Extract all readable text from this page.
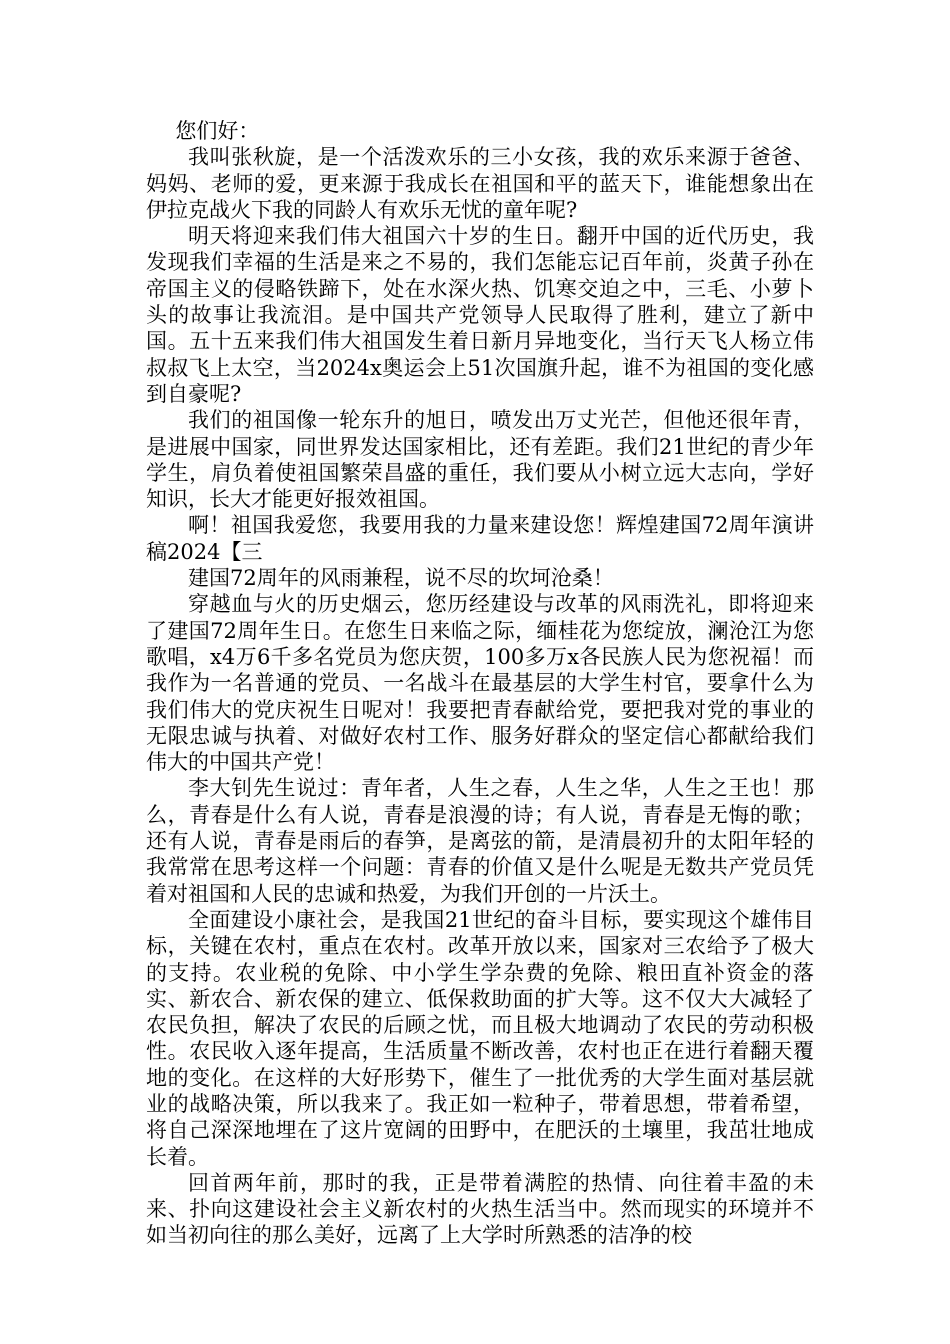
您们好：

我叫张秋旋，是一个活泼欢乐的三小女孩，我的欢乐来源于爸爸、妈妈、老师的爱，更来源于我成长在祖国和平的蓝天下，谁能想象出在伊拉克战火下我的同龄人有欢乐无忧的童年呢?

明天将迎来我们伟大祖国六十岁的生日。翻开中国的近代历史，我发现我们幸福的生活是来之不易的，我们怎能忘记百年前，炎黄子孙在帝国主义的侵略铁蹄下，处在水深火热、饥寒交迫之中，三毛、小萝卜头的故事让我流泪。是中国共产党领导人民取得了胜利，建立了新中国。五十五来我们伟大祖国发生着日新月异地变化，当行天飞人杨立伟叔叔飞上太空，当2024x奥运会上51次国旗升起，谁不为祖国的变化感到自豪呢?

我们的祖国像一轮东升的旭日，喷发出万丈光芒，但他还很年青，是进展中国家，同世界发达国家相比，还有差距。我们21世纪的青少年学生，肩负着使祖国繁荣昌盛的重任，我们要从小树立远大志向，学好知识，长大才能更好报效祖国。

啊！祖国我爱您，我要用我的力量来建设您！辉煌建国72周年演讲稿2024【三

建国72周年的风雨兼程，说不尽的坎坷沧桑！

穿越血与火的历史烟云，您历经建设与改革的风雨洗礼，即将迎来了建国72周年生日。在您生日来临之际，缅桂花为您绽放，澜沧江为您歌唱，x4万6千多名党员为您庆贺，100多万x各民族人民为您祝福！而我作为一名普通的党员、一名战斗在最基层的大学生村官，要拿什么为我们伟大的党庆祝生日呢对！我要把青春献给党，要把我对党的事业的无限忠诚与执着、对做好农村工作、服务好群众的坚定信心都献给我们伟大的中国共产党！

李大钊先生说过：青年者，人生之春，人生之华，人生之王也！那么，青春是什么有人说，青春是浪漫的诗；有人说，青春是无悔的歌；还有人说，青春是雨后的春笋，是离弦的箭，是清晨初升的太阳年轻的我常常在思考这样一个问题：青春的价值又是什么呢是无数共产党员凭着对祖国和人民的忠诚和热爱，为我们开创的一片沃土。

全面建设小康社会，是我国21世纪的奋斗目标，要实现这个雄伟目标，关键在农村，重点在农村。改革开放以来，国家对三农给予了极大的支持。农业税的免除、中小学生学杂费的免除、粮田直补资金的落实、新农合、新农保的建立、低保救助面的扩大等。这不仅大大减轻了农民负担，解决了农民的后顾之忧，而且极大地调动了农民的劳动积极性。农民收入逐年提高，生活质量不断改善，农村也正在进行着翻天覆地的变化。在这样的大好形势下，催生了一批优秀的大学生面对基层就业的战略决策，所以我来了。我正如一粒种子，带着思想，带着希望，将自己深深地埋在了这片宽阔的田野中，在肥沃的土壤里，我茁壮地成长着。

回首两年前，那时的我，正是带着满腔的热情、向往着丰盈的未来、扑向这建设社会主义新农村的火热生活当中。然而现实的环境并不如当初向往的那么美好，远离了上大学时所熟悉的洁净的校
